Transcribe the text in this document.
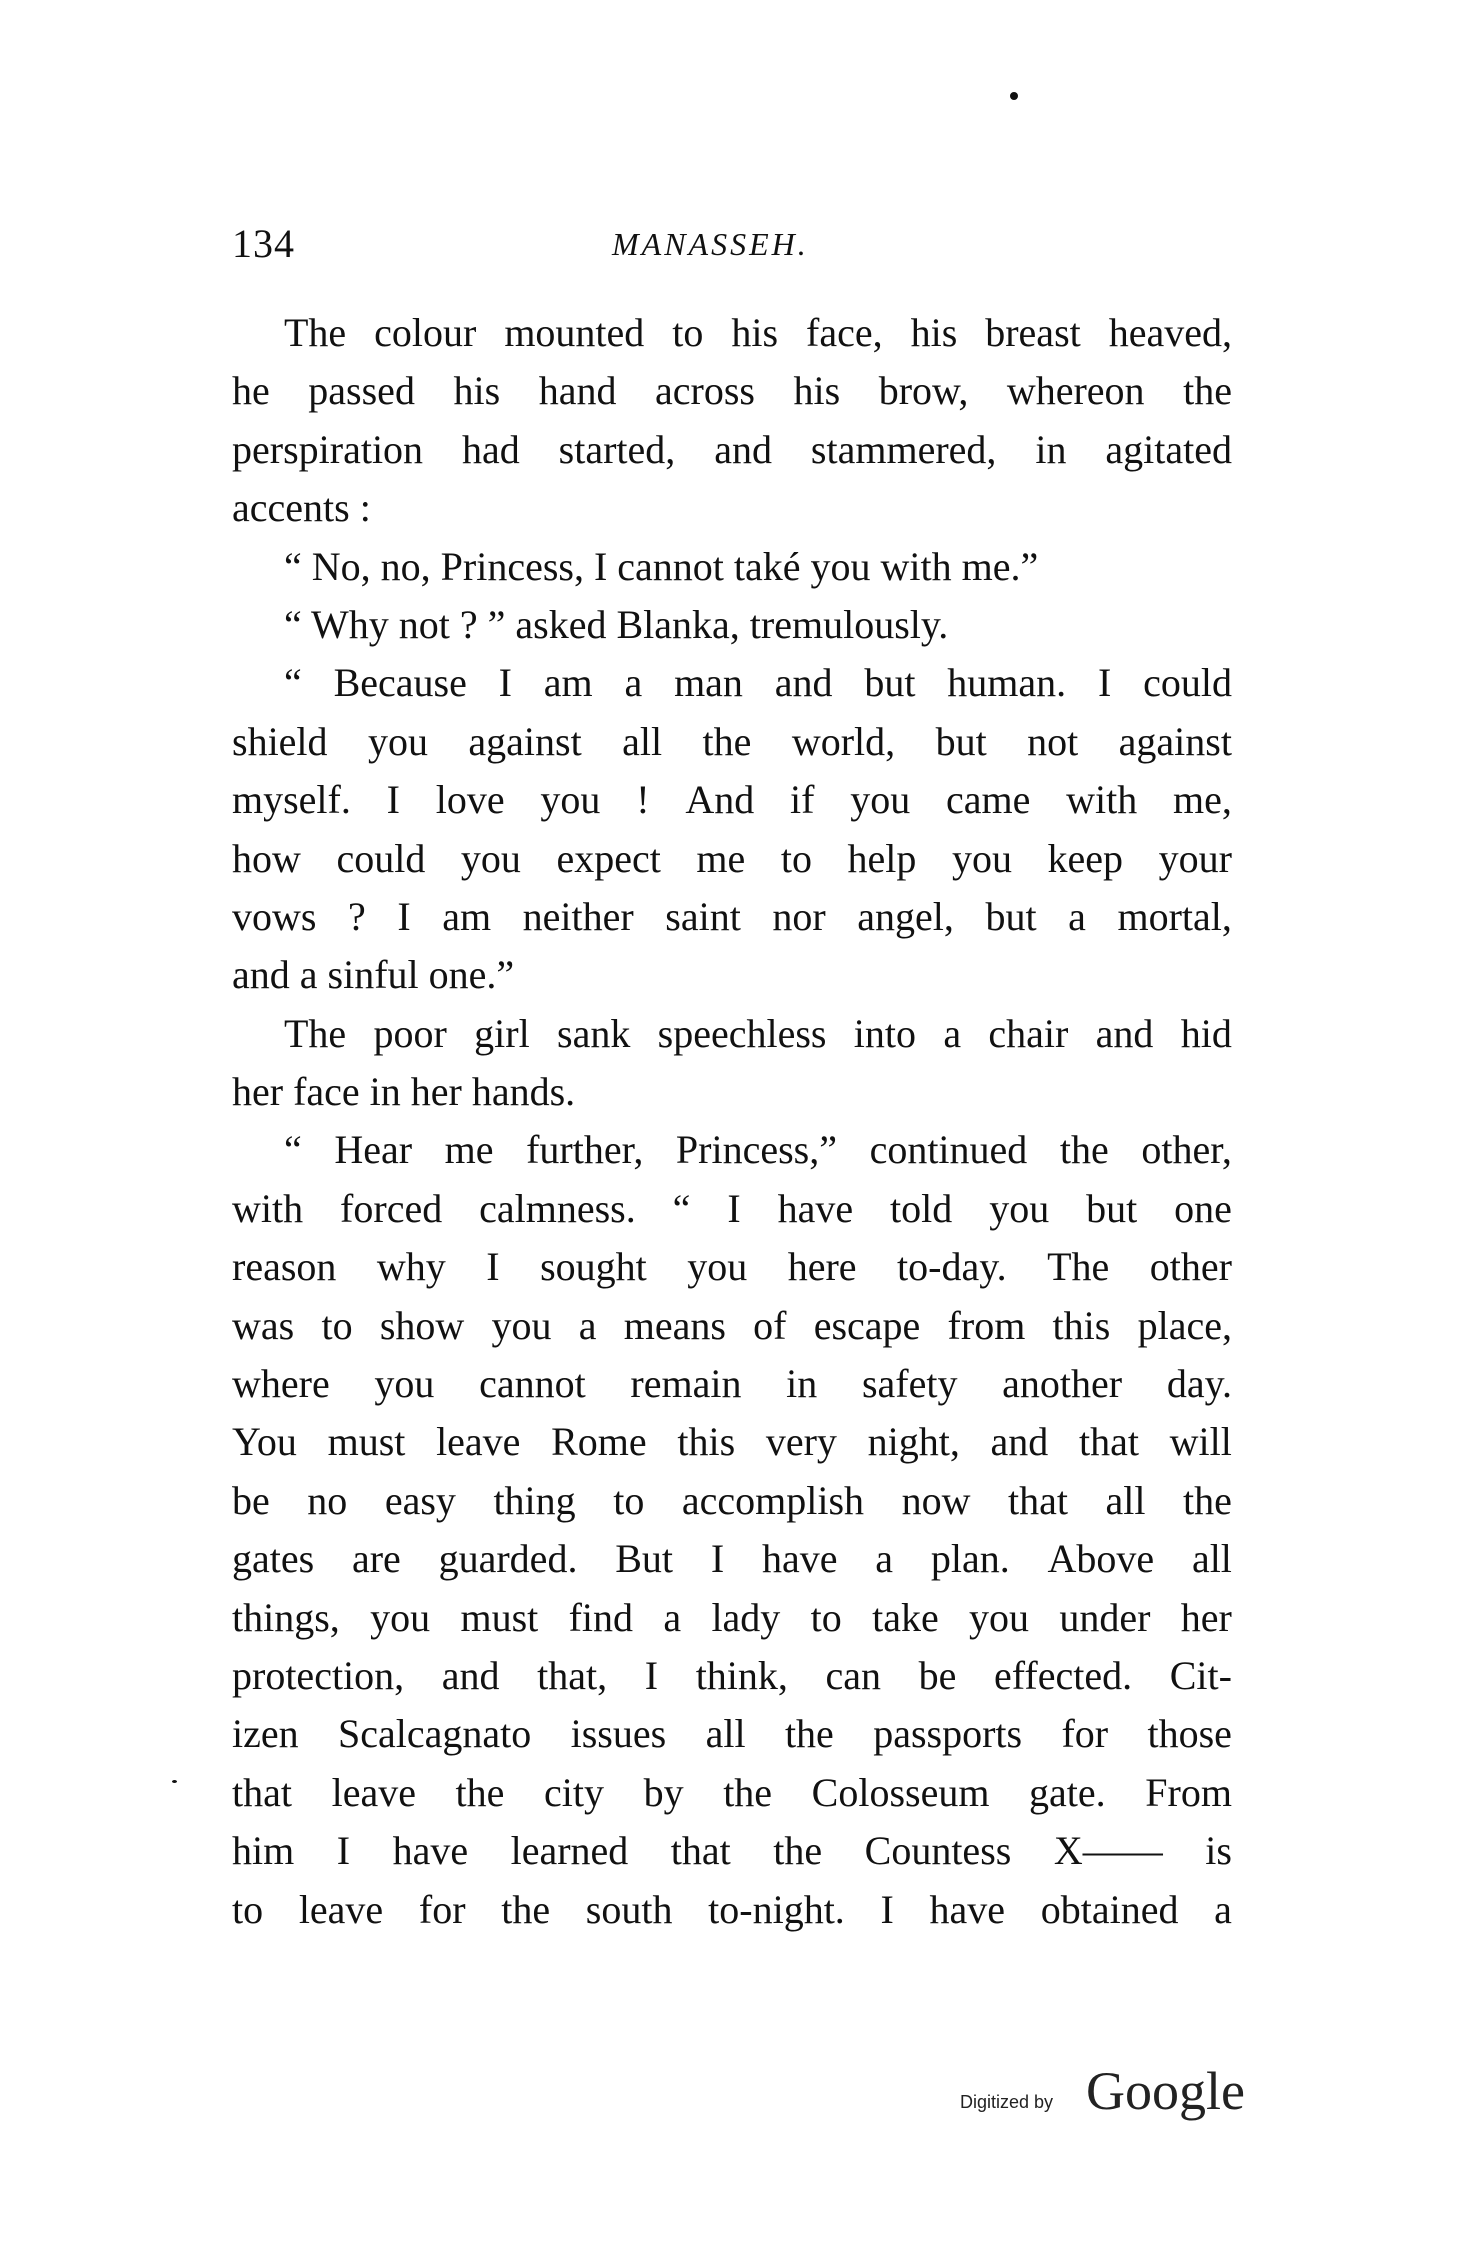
134	MANASSEH.
The colour mounted to his face, his breast heaved,
he passed his hand across his brow, whereon the
perspiration had started, and stammered, in agitated
accents :
“ No, no, Princess, I cannot také you with me.”
“ Why not ? ” asked Blanka, tremulously.
“ Because I am a man and but human. I could
shield you against all the world, but not against
myself. I love you ! And if you came with me,
how could you expect me to help you keep your
vows ? I am neither saint nor angel, but a mortal,
and a sinful one.”
The poor girl sank speechless into a chair and hid
her face in her hands.
“ Hear me further, Princess,” continued the other,
with forced calmness. “ I have told you but one
reason why I sought you here to-day. The other
was to show you a means of escape from this place,
where you cannot remain in safety another day.
You must leave Rome this very night, and that will
be no easy thing to accomplish now that all the
gates are guarded. But I have a plan. Above all
things, you must find a lady to take you under her
protection, and that, I think, can be effected. Cit-
izen Scalcagnato issues all the passports for those
that leave the city by the Colosseum gate. From
him I have learned that the Countess X—— is
to leave for the south to-night. I have obtained a
Digitized by Google
